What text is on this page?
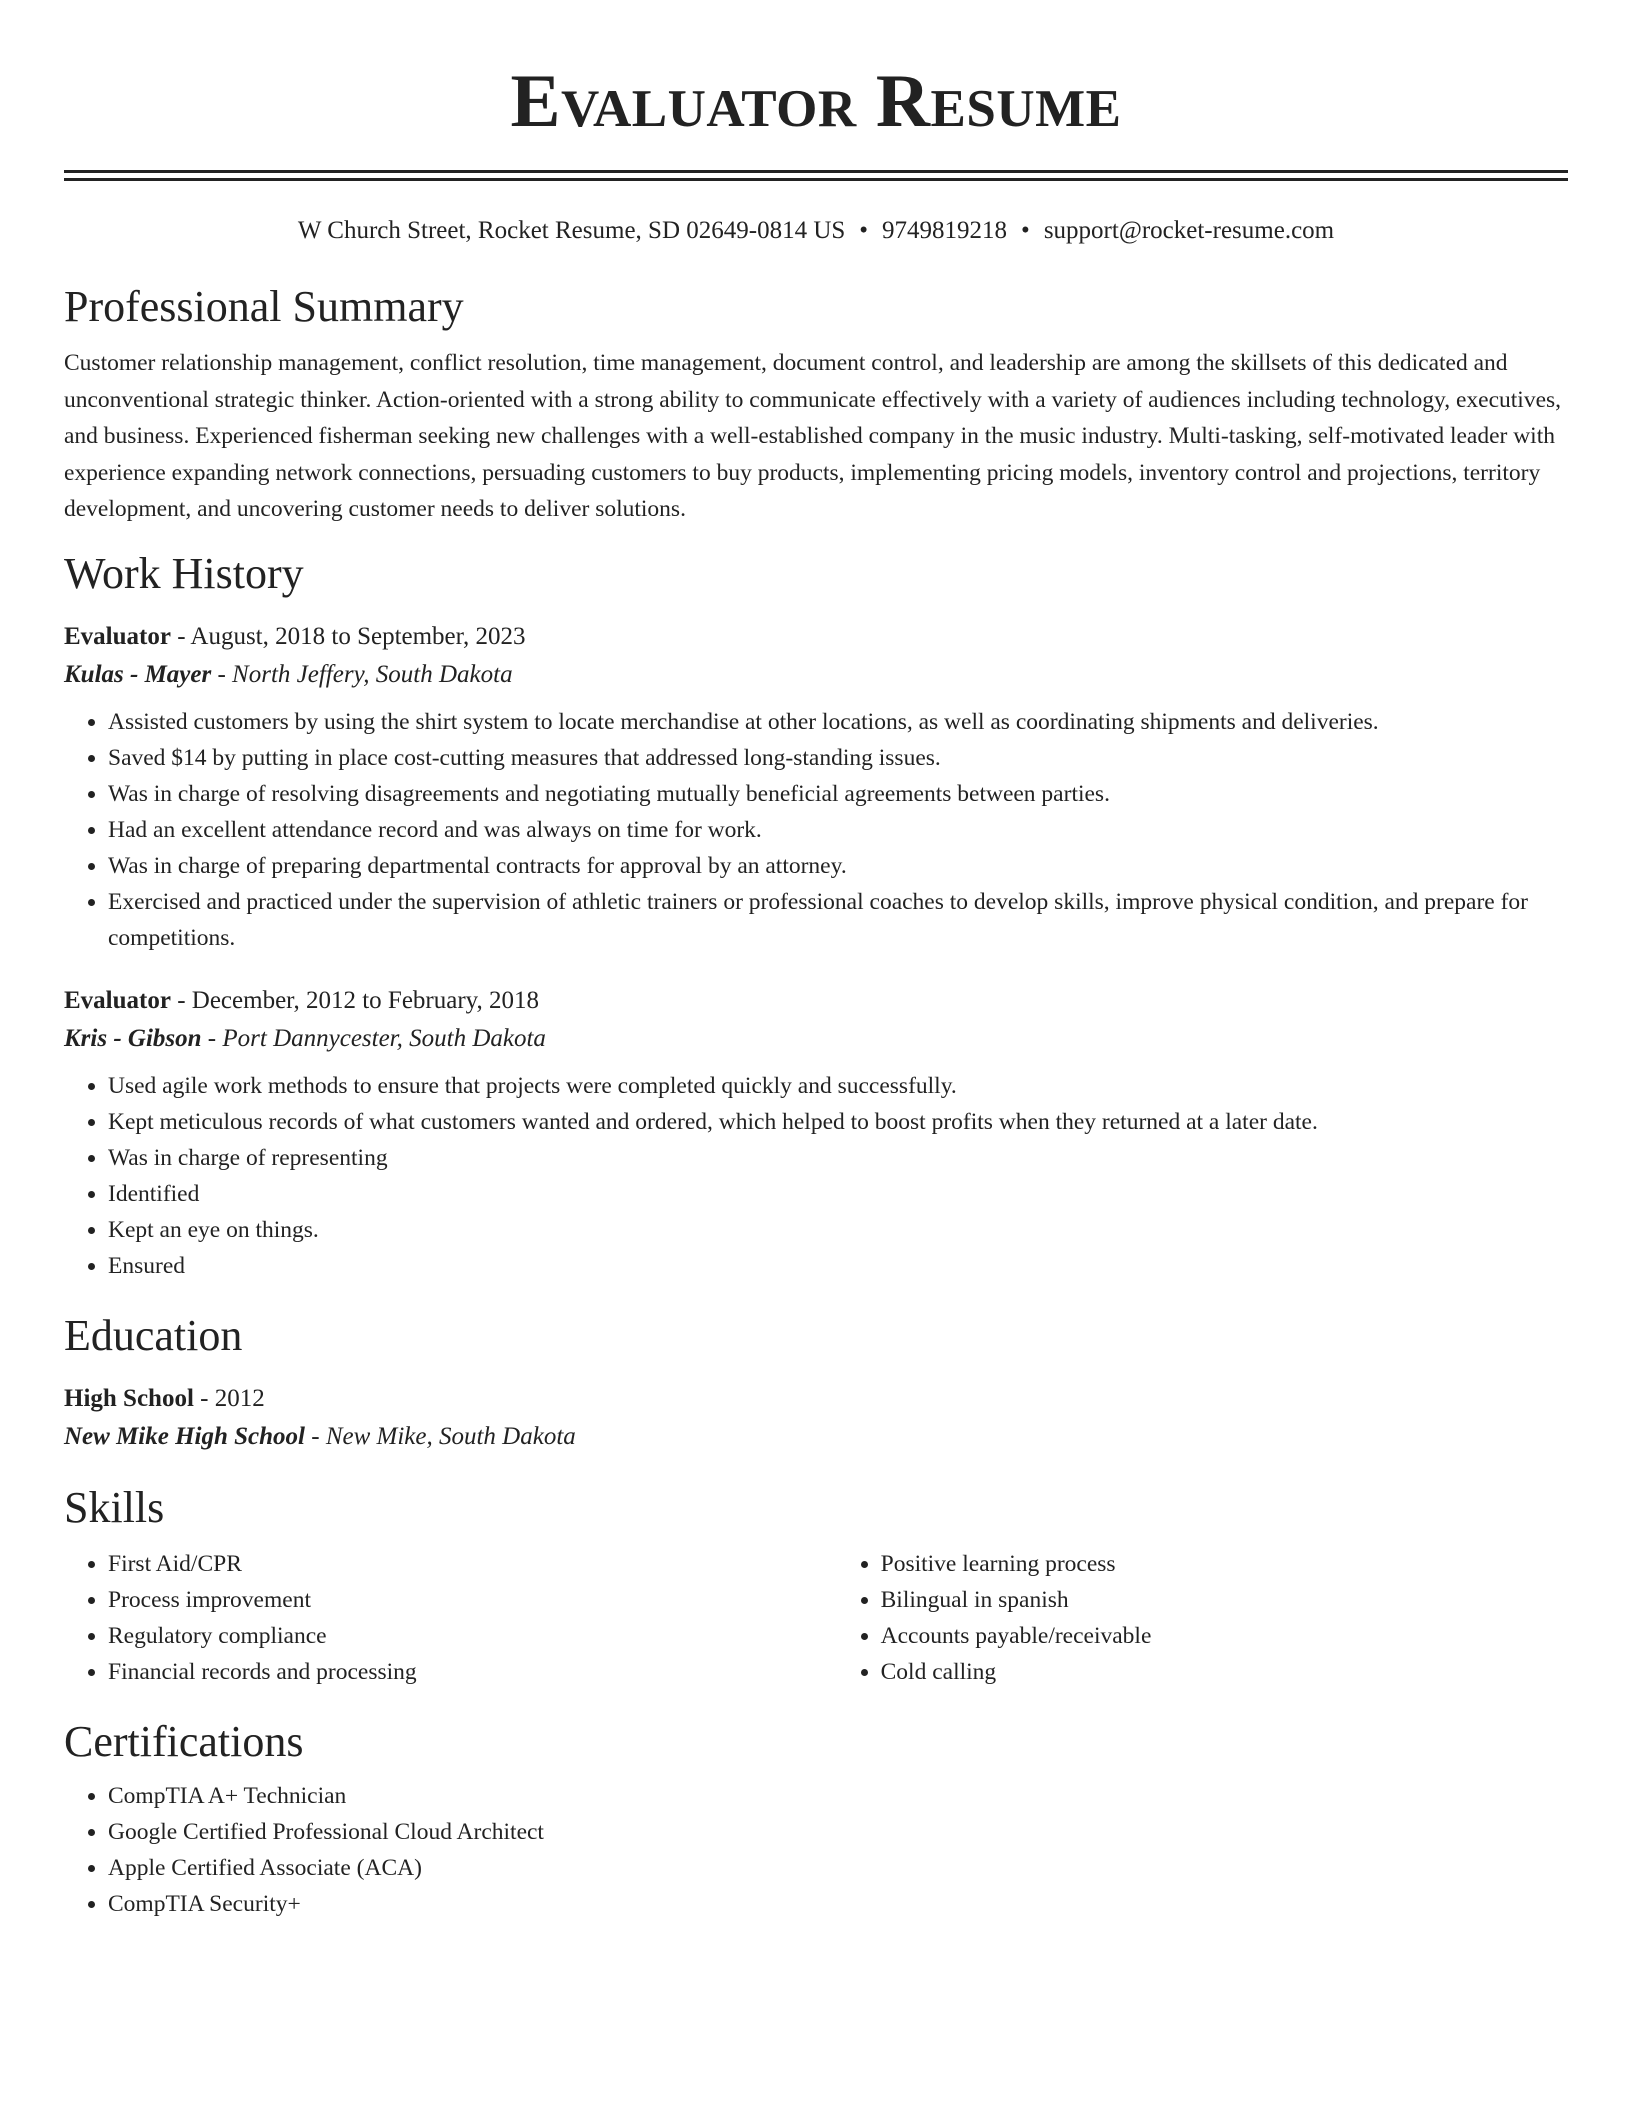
Evaluator Resume
W Church Street, Rocket Resume, SD 02649-0814 US • 9749819218 • support@rocket-resume.com
Professional Summary
Customer relationship management, conflict resolution, time management, document control, and leadership are among the skillsets of this dedicated and unconventional strategic thinker. Action-oriented with a strong ability to communicate effectively with a variety of audiences including technology, executives, and business. Experienced fisherman seeking new challenges with a well-established company in the music industry. Multi-tasking, self-motivated leader with experience expanding network connections, persuading customers to buy products, implementing pricing models, inventory control and projections, territory development, and uncovering customer needs to deliver solutions.
Work History
Evaluator - August, 2018 to September, 2023
Kulas - Mayer - North Jeffery, South Dakota
• Assisted customers by using the shirt system to locate merchandise at other locations, as well as coordinating shipments and deliveries.
• Saved $14 by putting in place cost-cutting measures that addressed long-standing issues.
• Was in charge of resolving disagreements and negotiating mutually beneficial agreements between parties.
• Had an excellent attendance record and was always on time for work.
• Was in charge of preparing departmental contracts for approval by an attorney.
• Exercised and practiced under the supervision of athletic trainers or professional coaches to develop skills, improve physical condition, and prepare for competitions.
Evaluator - December, 2012 to February, 2018
Kris - Gibson - Port Dannycester, South Dakota
• Used agile work methods to ensure that projects were completed quickly and successfully.
• Kept meticulous records of what customers wanted and ordered, which helped to boost profits when they returned at a later date.
• Was in charge of representing
• Identified
• Kept an eye on things.
• Ensured
Education
High School - 2012
New Mike High School - New Mike, South Dakota
Skills
• First Aid/CPR
• Process improvement
• Regulatory compliance
• Financial records and processing
• Positive learning process
• Bilingual in spanish
• Accounts payable/receivable
• Cold calling
Certifications
• CompTIA A+ Technician
• Google Certified Professional Cloud Architect
• Apple Certified Associate (ACA)
• CompTIA Security+
